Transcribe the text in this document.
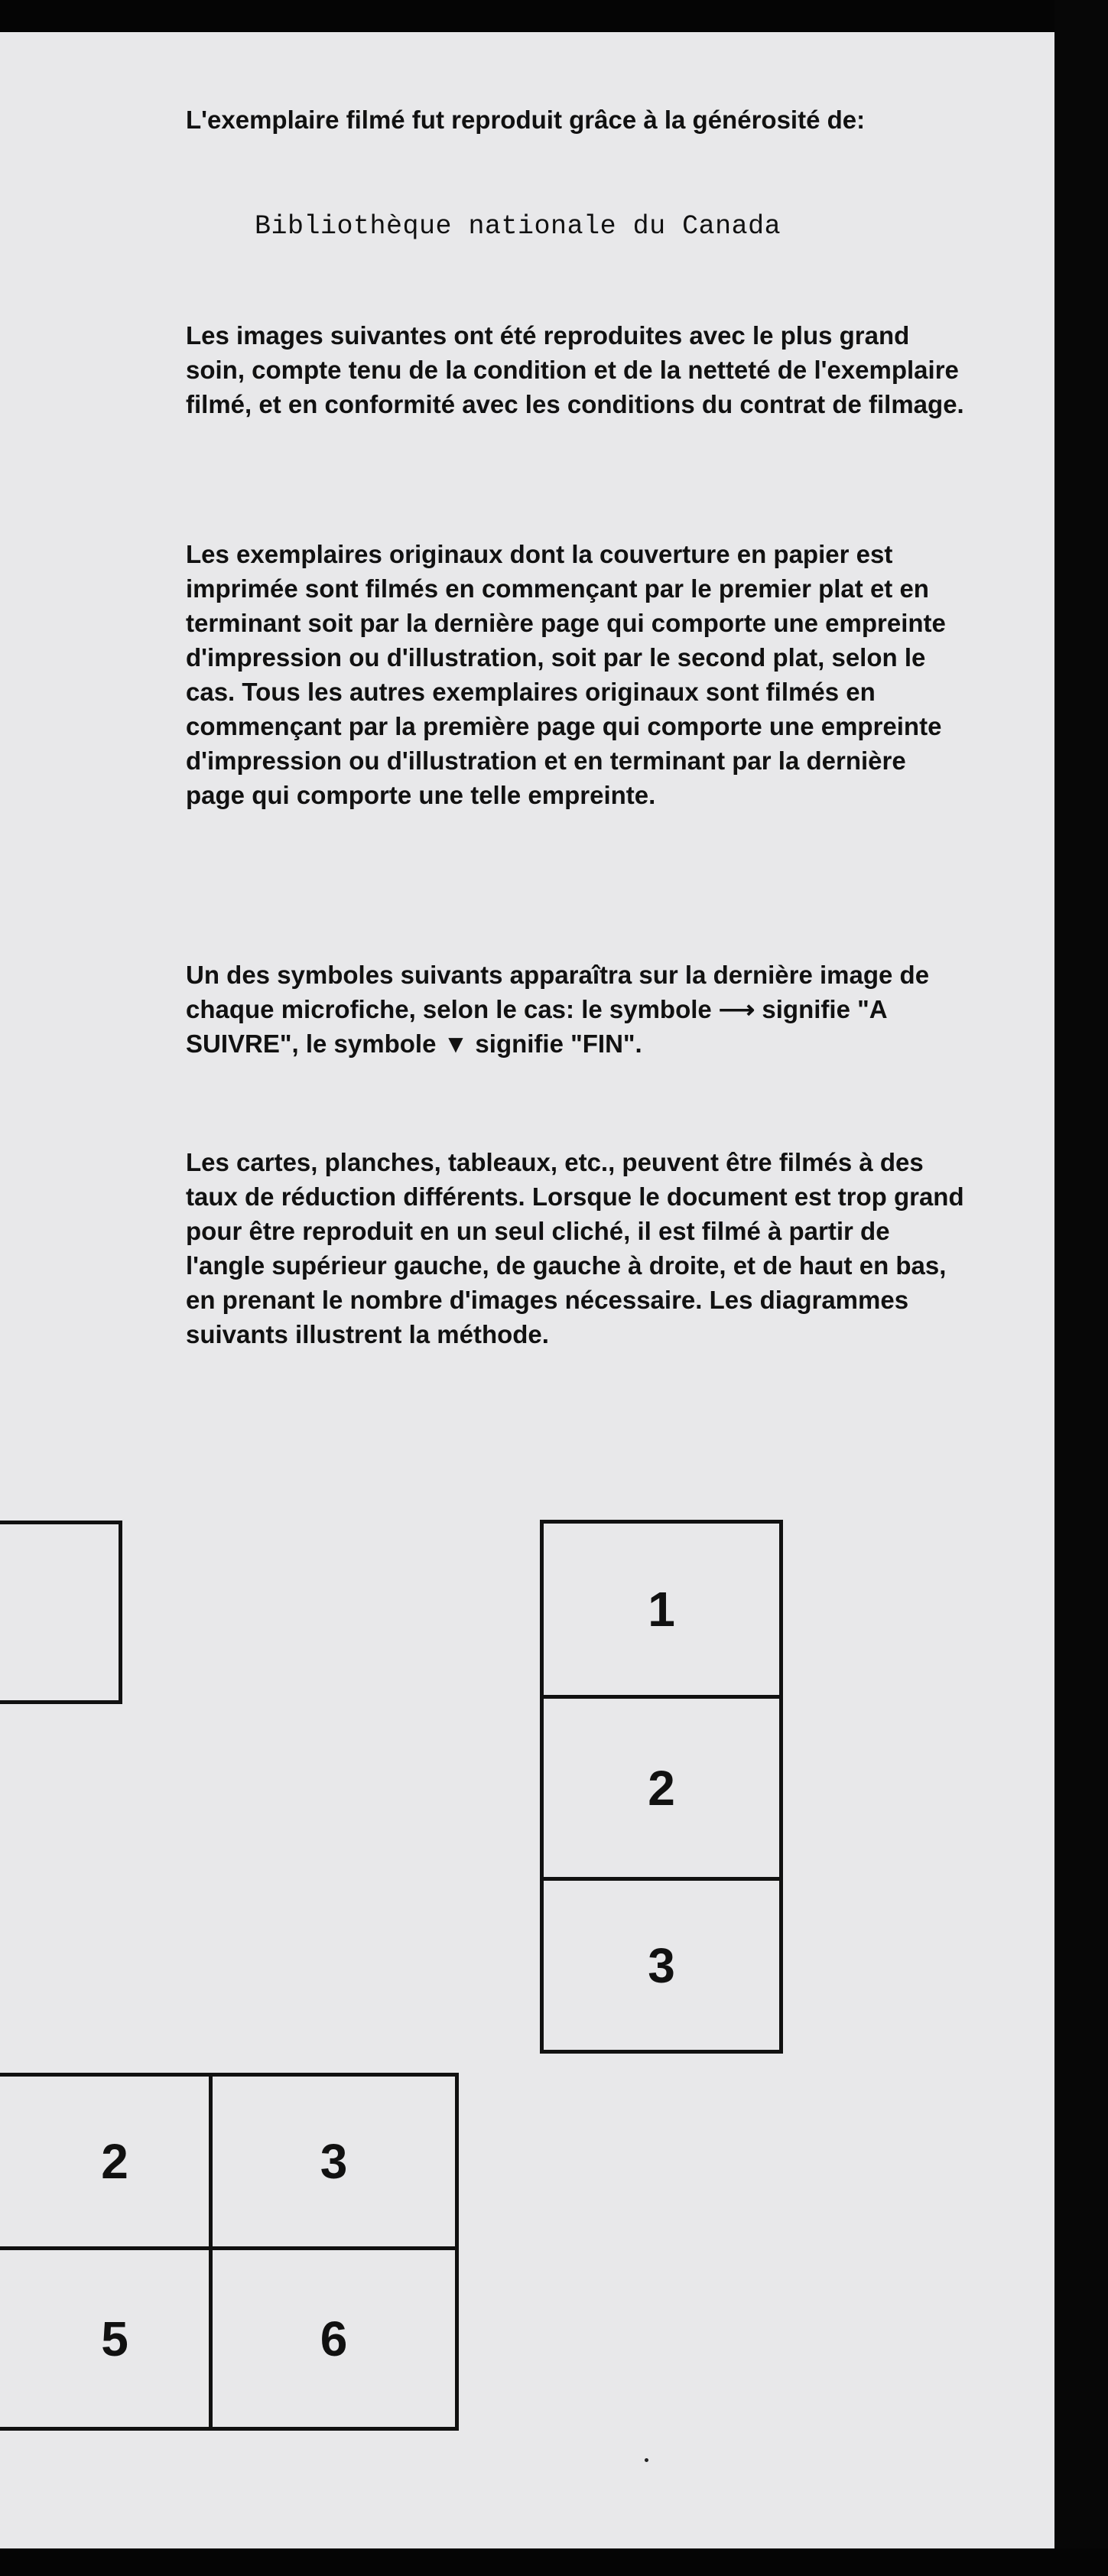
L'exemplaire filmé fut reproduit grâce à la générosité de:

Bibliothèque nationale du Canada

Les images suivantes ont été reproduites avec le plus grand soin, compte tenu de la condition et de la netteté de l'exemplaire filmé, et en conformité avec les conditions du contrat de filmage.

Les exemplaires originaux dont la couverture en papier est imprimée sont filmés en commençant par le premier plat et en terminant soit par la dernière page qui comporte une empreinte d'impression ou d'illustration, soit par le second plat, selon le cas. Tous les autres exemplaires originaux sont filmés en commençant par la première page qui comporte une empreinte d'impression ou d'illustration et en terminant par la dernière page qui comporte une telle empreinte.

Un des symboles suivants apparaîtra sur la dernière image de chaque microfiche, selon le cas: le symbole ⟶ signifie "A SUIVRE", le symbole ▼ signifie "FIN".

Les cartes, planches, tableaux, etc., peuvent être filmés à des taux de réduction différents. Lorsque le document est trop grand pour être reproduit en un seul cliché, il est filmé à partir de l'angle supérieur gauche, de gauche à droite, et de haut en bas, en prenant le nombre d'images nécessaire. Les diagrammes suivants illustrent la méthode.

1
2
3
2	3
5	6
